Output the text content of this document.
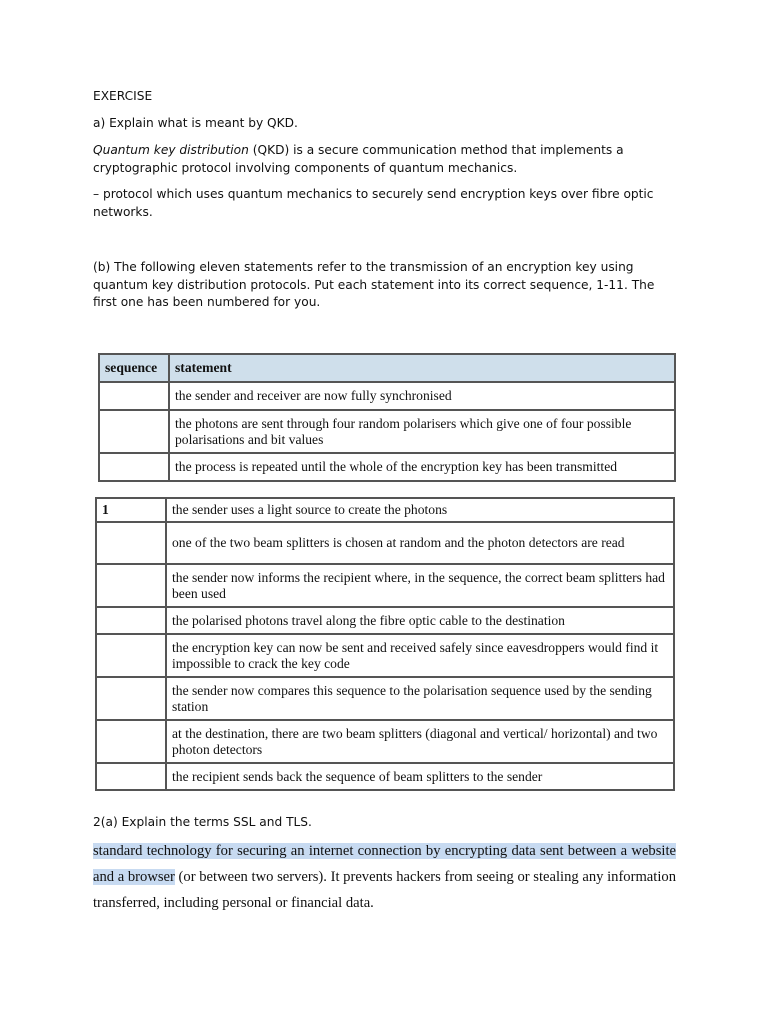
EXERCISE

a) Explain what is meant by QKD.

Quantum key distribution (QKD) is a secure communication method that implements a cryptographic protocol involving components of quantum mechanics.

– protocol which uses quantum mechanics to securely send encryption keys over fibre optic networks.

(b) The following eleven statements refer to the transmission of an encryption key using quantum key distribution protocols. Put each statement into its correct sequence, 1-11. The first one has been numbered for you.

sequence	statement
	the sender and receiver are now fully synchronised
	the photons are sent through four random polarisers which give one of four possible polarisations and bit values
	the process is repeated until the whole of the encryption key has been transmitted
1	the sender uses a light source to create the photons
	one of the two beam splitters is chosen at random and the photon detectors are read
	the sender now informs the recipient where, in the sequence, the correct beam splitters had been used
	the polarised photons travel along the fibre optic cable to the destination
	the encryption key can now be sent and received safely since eavesdroppers would find it impossible to crack the key code
	the sender now compares this sequence to the polarisation sequence used by the sending station
	at the destination, there are two beam splitters (diagonal and vertical/ horizontal) and two photon detectors
	the recipient sends back the sequence of beam splitters to the sender

2(a) Explain the terms SSL and TLS.

standard technology for securing an internet connection by encrypting data sent between a website and a browser (or between two servers). It prevents hackers from seeing or stealing any information transferred, including personal or financial data.
